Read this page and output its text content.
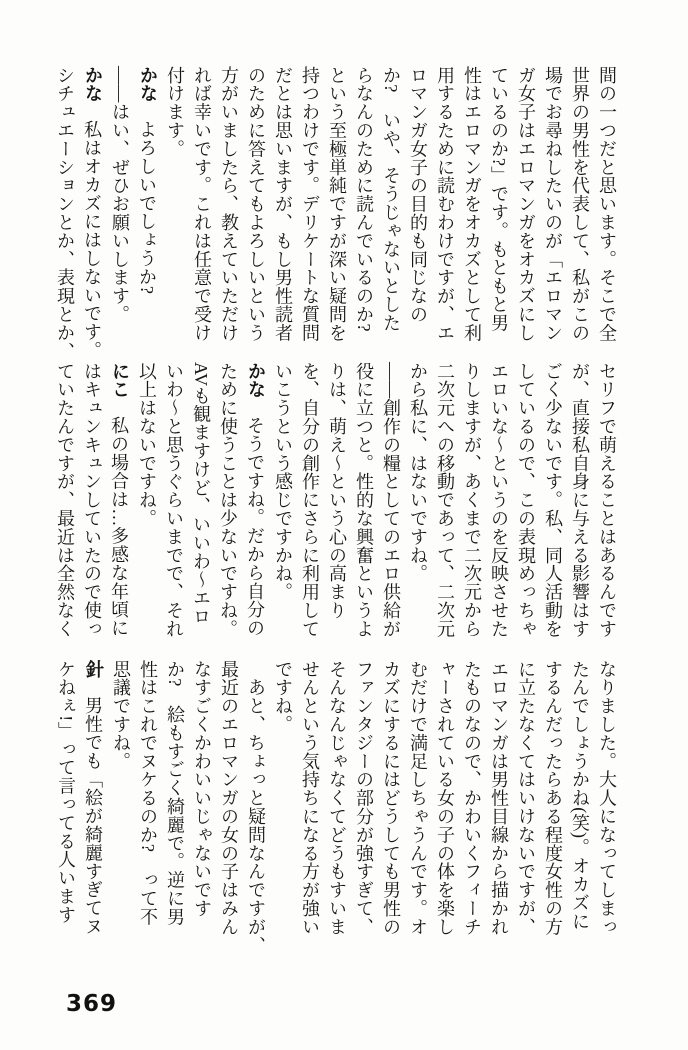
間の一つだと思います。そこで全
世界の男性を代表して、私がこの
場でお尋ねしたいのが「エロマン
ガ女子はエロマンガをオカズにし
ているのか?」です。もともと男
性はエロマンガをオカズとして利
用するために読むわけですが、エ
ロマンガ女子の目的も同じなの
か?　いや、そうじゃないとした
らなんのために読んでいるのか?
という至極単純ですが深い疑問を
持つわけです。デリケートな質問
だとは思いますが、もし男性読者
のために答えてもよろしいという
方がいましたら、教えていただけ
れば幸いです。これは任意で受け
付けます。
かな　よろしいでしょうか?
——はい、ぜひお願いします。
かな　私はオカズにはしないです。
シチュエーションとか、表現とか、
セリフで萌えることはあるんです
が、直接私自身に与える影響はす
ごく少ないです。私、同人活動を
しているので、この表現めっちゃ
エロいな〜というのを反映させた
りしますが、あくまで二次元から
二次元への移動であって、二次元
から私に、はないですね。
——創作の糧としてのエロ供給が
役に立つと。性的な興奮というよ
りは、萌え〜という心の高まり
を、自分の創作にさらに利用して
いこうという感じですかね。
かな　そうですね。だから自分の
ために使うことは少ないですね。
AVも観ますけど、いいわ〜エロ
いわ〜と思うぐらいまでで、それ
以上はないですね。
にこ　私の場合は…多感な年頃に
はキュンキュンしていたので使っ
ていたんですが、最近は全然なく
なりました。大人になってしまっ
たんでしょうかね(笑)。オカズに
するんだったらある程度女性の方
に立たなくてはいけないですが、
エロマンガは男性目線から描かれ
たものなので、かわいくフィーチ
ャーされている女の子の体を楽し
むだけで満足しちゃうんです。オ
カズにするにはどうしても男性の
ファンタジーの部分が強すぎて、
そんなんじゃなくてどうもすいま
せんという気持ちになる方が強い
ですね。
　あと、ちょっと疑問なんですが、
最近のエロマンガの女の子はみん
なすごくかわいいじゃないです
か?　絵もすごく綺麗で。逆に男
性はこれでヌケるのか?　って不
思議ですね。
針　男性でも「絵が綺麗すぎてヌ
ケねぇ!」って言ってる人います
369
